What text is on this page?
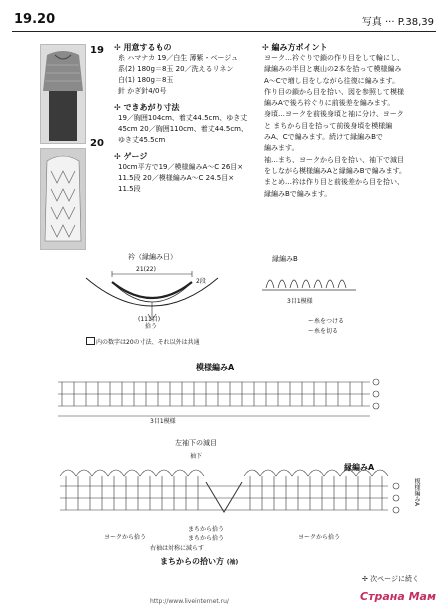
19.20	写真 ··· P.38,39
19
20
✢ 用意するもの
糸 ハマナカ 19／白生 薄紫・ベージュ
系(2) 180g＝8玉 20／洗えるリネン
白(1) 180g＝8玉
針 かぎ針4/0号
✢ できあがり寸法
19／胸囲104cm、着丈44.5cm、ゆき丈
45cm 20／胸囲110cm、着丈44.5cm、
ゆき丈45.5cm
✢ ゲージ
10cm平方で19／模様編みA～C 26目×
11.5段 20／模様編みA～C 24.5目×
11.5段
✢ 編み方ポイント
ヨーク…衿ぐりで鎖の作り目をして輪にし、
縁編みの半目と裏山の2本を拾って模様編み
A～Cで増し目をしながら往復に編みます。
作り目の鎖から目を拾い、図を参照して模様
編みAで後ろ衿ぐりに前後差を編みます。
身頃…ヨークを前後身頃と袖に分け、ヨーク
と まちから目を拾って前後身頃を模様編
みA、Cで編みます。続けて縁編みBで
編みます。
袖…まち、ヨークから目を拾い、袖下で減目
をしながら模様編みAと縁編みBで編みます。
まとめ…衿は作り目と前後差から目を拾い、
縁編みBで編みます。
衿（縁編み日）
21(22)
2段
(111目)
拾う
内の数字は20の寸法、それ以外は共通
縁編みB
3目1模様
ー糸をつける
ー糸を切る
模様編みA
3目1模様
左袖下の減目
袖下
縁編みA
模様編みA
ヨークから拾う
まちから拾う
まちから拾う	ヨークから拾う
右袖は対称に減らす
まちからの拾い方 (袖)
✢ 次ページに続く
http://www.liveinternet.ru/	Страна Мам
